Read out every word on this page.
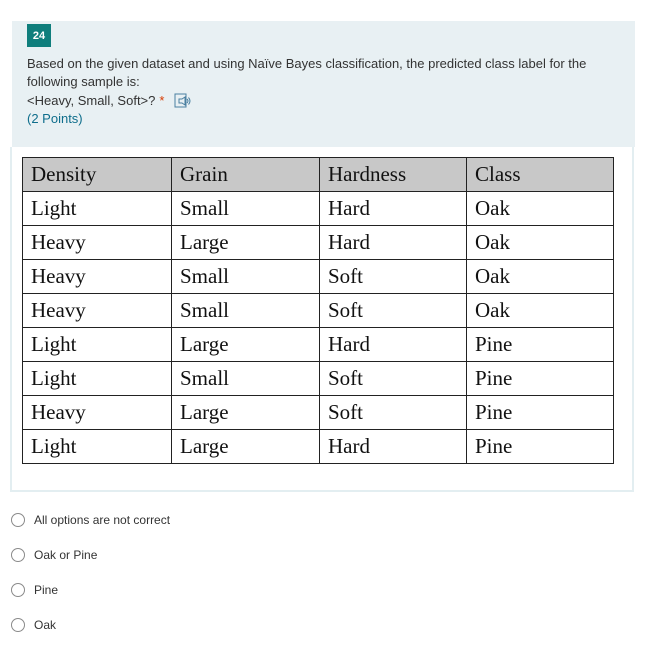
24
Based on the given dataset and using Naïve Bayes classification, the predicted class label for the following sample is:
<Heavy, Small, Soft>? *
(2 Points)
Density	Grain	Hardness	Class
Light	Small	Hard	Oak
Heavy	Large	Hard	Oak
Heavy	Small	Soft	Oak
Heavy	Small	Soft	Oak
Light	Large	Hard	Pine
Light	Small	Soft	Pine
Heavy	Large	Soft	Pine
Light	Large	Hard	Pine
All options are not correct
Oak or Pine
Pine
Oak
